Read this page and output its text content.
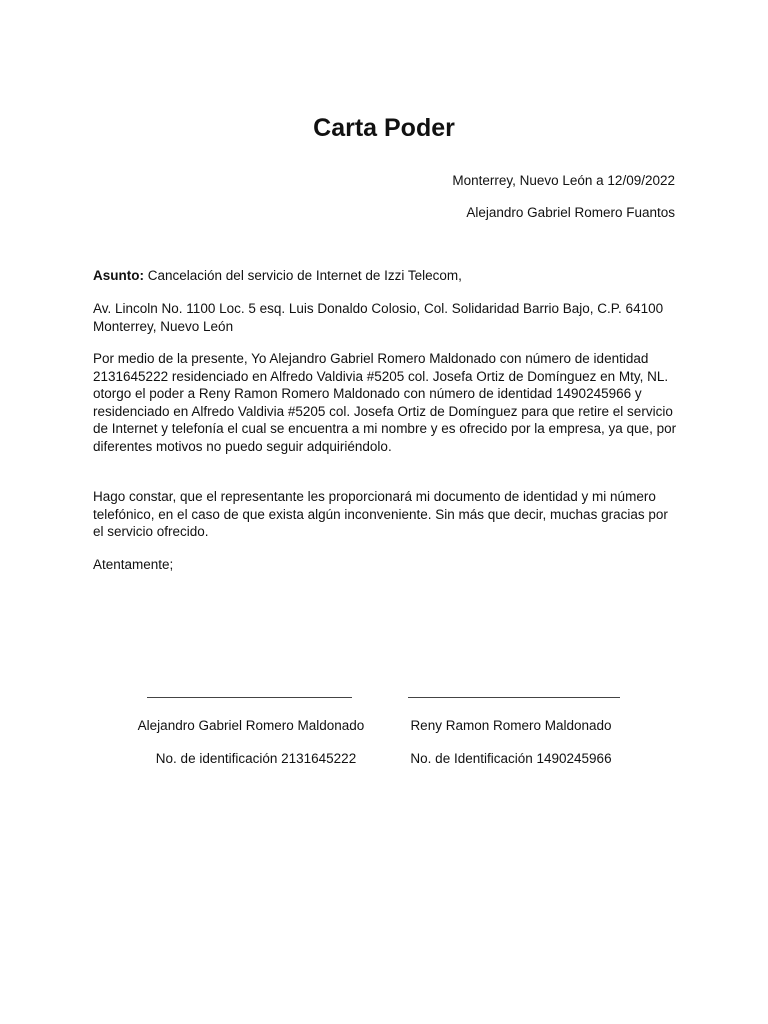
Carta Poder
Monterrey, Nuevo León a 12/09/2022
Alejandro Gabriel Romero Fuantos

Asunto: Cancelación del servicio de Internet de Izzi Telecom,

Av. Lincoln No. 1100 Loc. 5 esq. Luis Donaldo Colosio, Col. Solidaridad Barrio Bajo, C.P. 64100 Monterrey, Nuevo León

Por medio de la presente, Yo Alejandro Gabriel Romero Maldonado con número de identidad 2131645222 residenciado en Alfredo Valdivia #5205 col. Josefa Ortiz de Domínguez en Mty, NL. otorgo el poder a Reny Ramon Romero Maldonado con número de identidad 1490245966 y residenciado en Alfredo Valdivia #5205 col. Josefa Ortiz de Domínguez para que retire el servicio de Internet y telefonía el cual se encuentra a mi nombre y es ofrecido por la empresa, ya que, por diferentes motivos no puedo seguir adquiriéndolo.

Hago constar, que el representante les proporcionará mi documento de identidad y mi número telefónico, en el caso de que exista algún inconveniente. Sin más que decir, muchas gracias por el servicio ofrecido.

Atentamente;

Alejandro Gabriel Romero Maldonado
No. de identificación 2131645222
Reny Ramon Romero Maldonado
No. de Identificación 1490245966
